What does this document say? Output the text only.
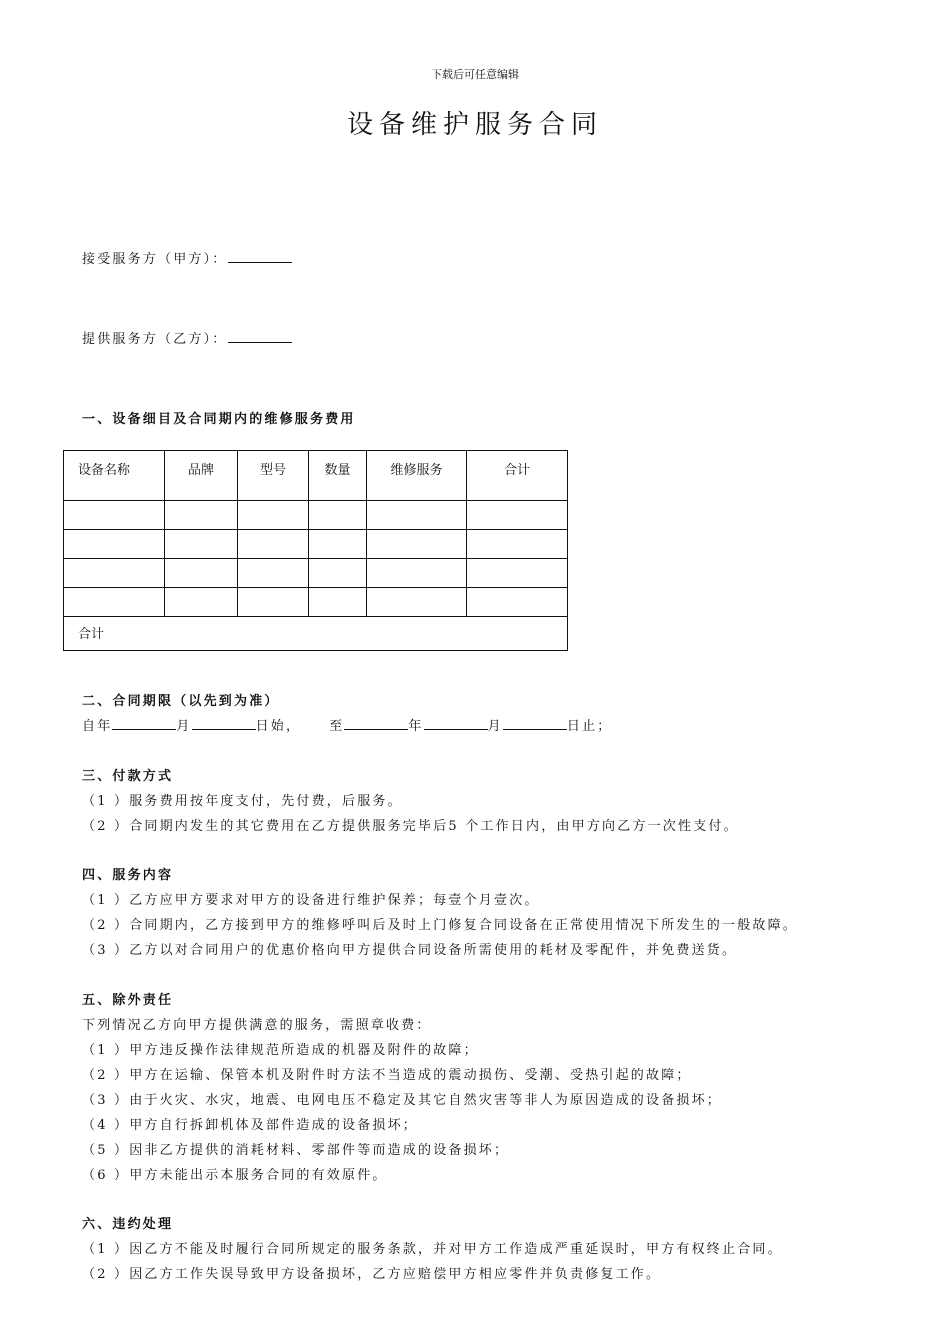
下载后可任意编辑
设备维护服务合同
接受服务方（甲方）：
提供服务方（乙方）：
一、设备细目及合同期内的维修服务费用
设备名称	品牌	型号	数量	维修服务	合计

合计					
二、合同期限（以先到为准）
自年	月	日始， 至	年	月	日止；
三、付款方式
（1 ）服务费用按年度支付，先付费，后服务。
（2 ）合同期内发生的其它费用在乙方提供服务完毕后5 个工作日内，由甲方向乙方一次性支付。
四、服务内容
（1 ）乙方应甲方要求对甲方的设备进行维护保养；每壹个月壹次。
（2 ）合同期内，乙方接到甲方的维修呼叫后及时上门修复合同设备在正常使用情况下所发生的一般故障。
（3 ）乙方以对合同用户的优惠价格向甲方提供合同设备所需使用的耗材及零配件，并免费送货。
五、除外责任
下列情况乙方向甲方提供满意的服务，需照章收费：
（1 ）甲方违反操作法律规范所造成的机器及附件的故障；
（2 ）甲方在运输、保管本机及附件时方法不当造成的震动损伤、受潮、受热引起的故障；
（3 ）由于火灾、水灾，地震、电网电压不稳定及其它自然灾害等非人为原因造成的设备损坏；
（4 ）甲方自行拆卸机体及部件造成的设备损坏；
（5 ）因非乙方提供的消耗材料、零部件等而造成的设备损坏；
（6 ）甲方未能出示本服务合同的有效原件。
六、违约处理
（1 ）因乙方不能及时履行合同所规定的服务条款，并对甲方工作造成严重延误时，甲方有权终止合同。
（2 ）因乙方工作失误导致甲方设备损坏，乙方应赔偿甲方相应零件并负责修复工作。
